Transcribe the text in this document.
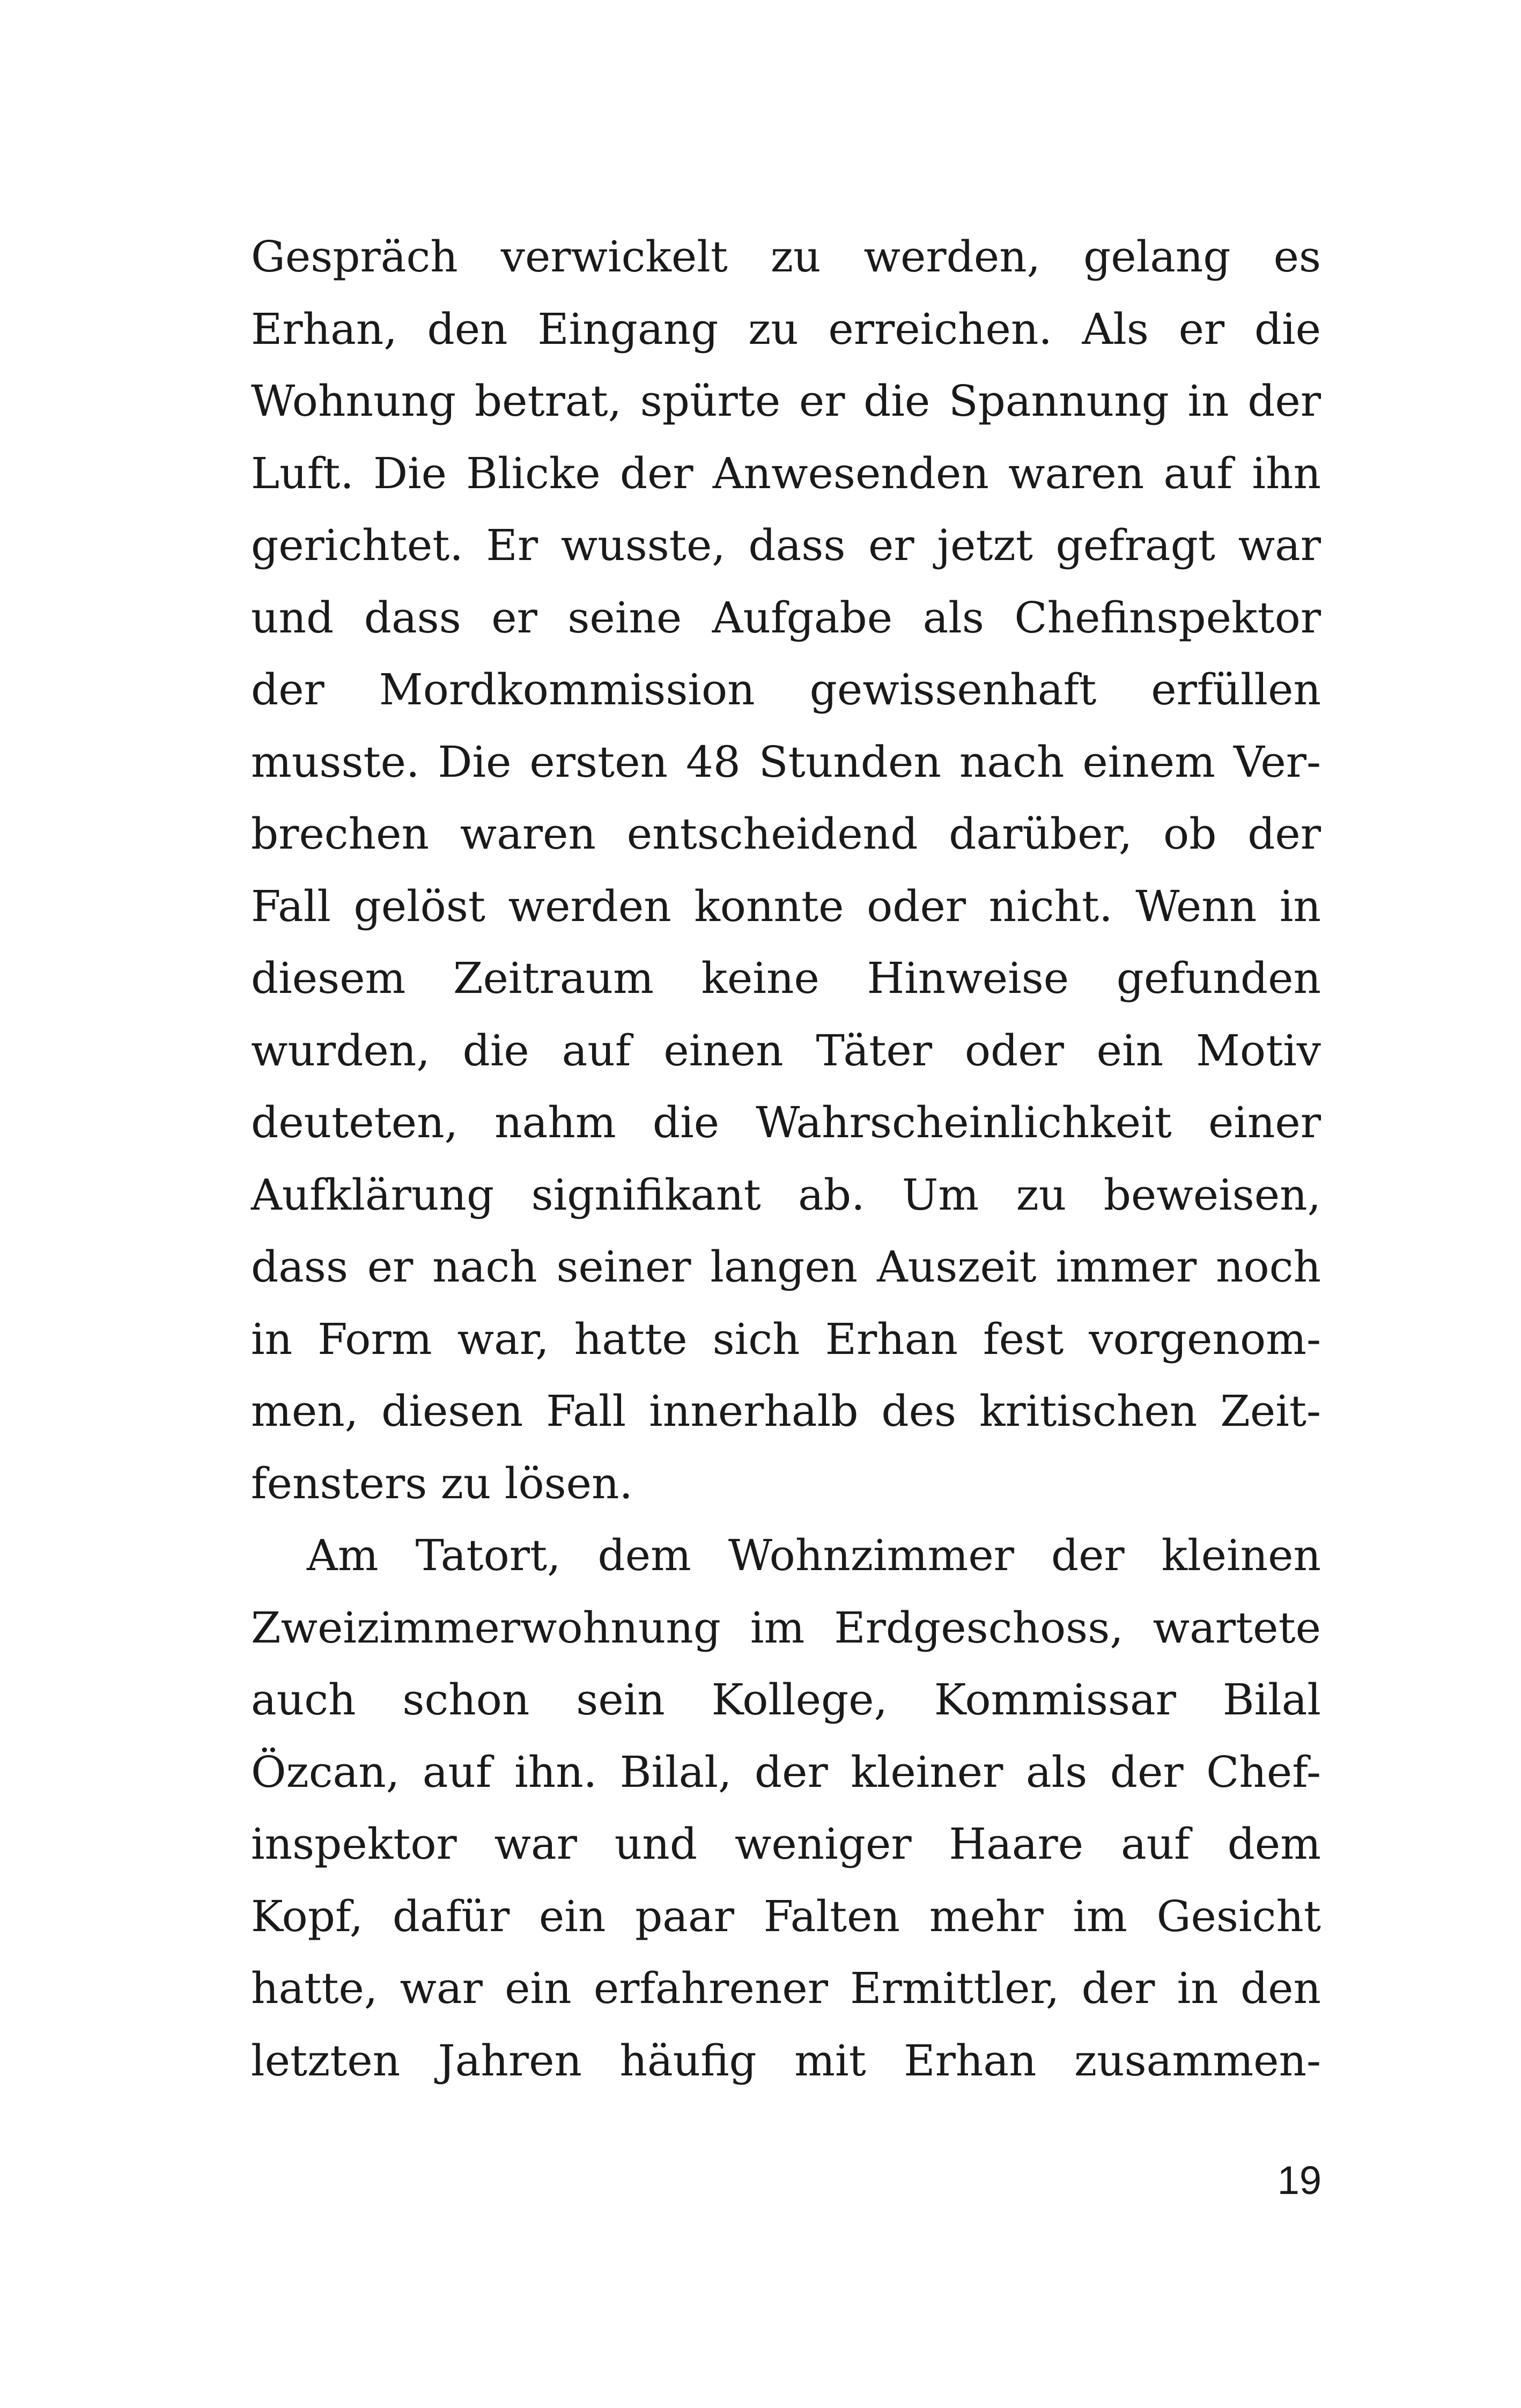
Gespräch verwickelt zu werden, gelang es
Erhan, den Eingang zu erreichen. Als er die
Wohnung betrat, spürte er die Spannung in der
Luft. Die Blicke der Anwesenden waren auf ihn
gerichtet. Er wusste, dass er jetzt gefragt war
und dass er seine Aufgabe als Chefinspektor
der Mordkommission gewissenhaft erfüllen
musste. Die ersten 48 Stunden nach einem Ver-
brechen waren entscheidend darüber, ob der
Fall gelöst werden konnte oder nicht. Wenn in
diesem Zeitraum keine Hinweise gefunden
wurden, die auf einen Täter oder ein Motiv
deuteten, nahm die Wahrscheinlichkeit einer
Aufklärung signifikant ab. Um zu beweisen,
dass er nach seiner langen Auszeit immer noch
in Form war, hatte sich Erhan fest vorgenom-
men, diesen Fall innerhalb des kritischen Zeit-
fensters zu lösen.
Am Tatort, dem Wohnzimmer der kleinen
Zweizimmerwohnung im Erdgeschoss, wartete
auch schon sein Kollege, Kommissar Bilal
Özcan, auf ihn. Bilal, der kleiner als der Chef-
inspektor war und weniger Haare auf dem
Kopf, dafür ein paar Falten mehr im Gesicht
hatte, war ein erfahrener Ermittler, der in den
letzten Jahren häufig mit Erhan zusammen-
19
